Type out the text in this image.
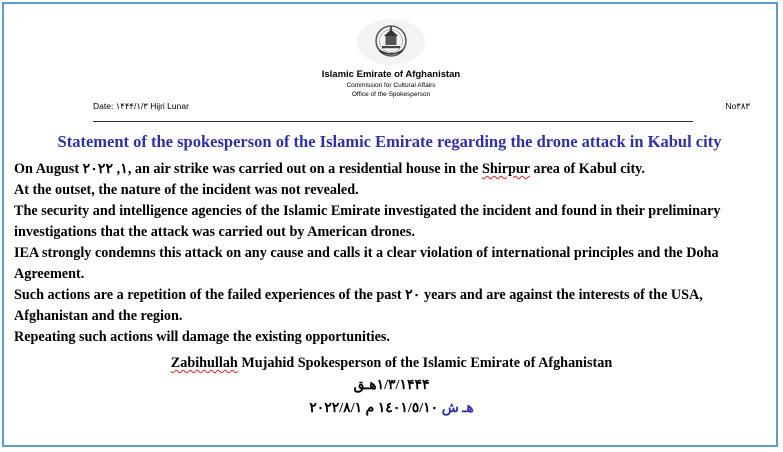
Islamic Emirate of Afghanistan
Commission for Cultural Affairs
Office of the Spokesperson
Date: ١۴۴۴/١/٣ Hijri Lunar	No٣٨٣
Statement of the spokesperson of the Islamic Emirate regarding the drone attack in Kabul city

On August ١, ٢٠٢٢, an air strike was carried out on a residential house in the Shirpur area of Kabul city.

At the outset, the nature of the incident was not revealed.

The security and intelligence agencies of the Islamic Emirate investigated the incident and found in their preliminary investigations that the attack was carried out by American drones.

IEA strongly condemns this attack on any cause and calls it a clear violation of international principles and the Doha Agreement.

Such actions are a repetition of the failed experiences of the past ٢٠ years and are against the interests of the USA, Afghanistan and the region.

Repeating such actions will damage the existing opportunities.

Zabihullah Mujahid Spokesperson of the Islamic Emirate of Afghanistan
١/٣/١۴۴۴هـق
هـ ش ١٤٠١/٥/١٠ م ٢٠٢٢/٨/١
